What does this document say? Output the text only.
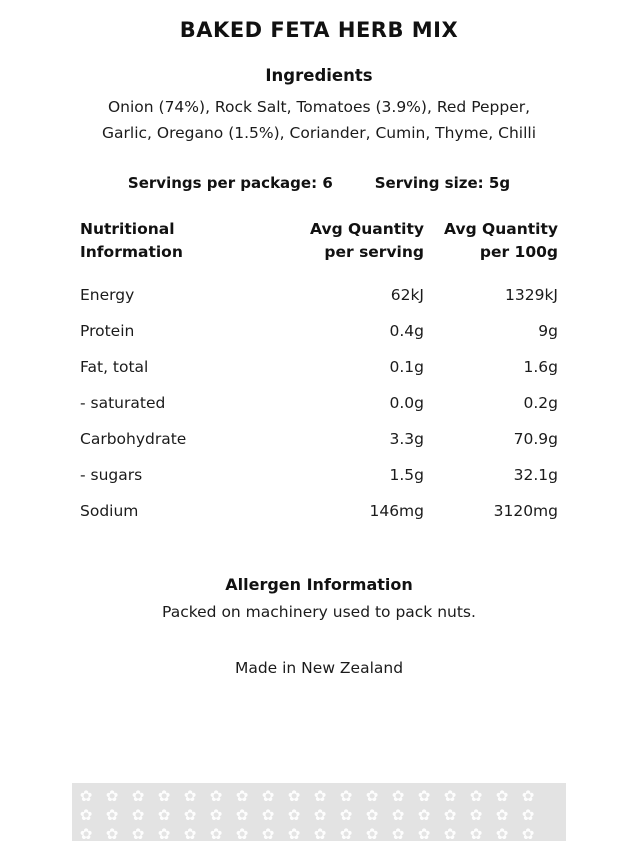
BAKED FETA HERB MIX
Ingredients
Onion (74%), Rock Salt, Tomatoes (3.9%), Red Pepper, Garlic, Oregano (1.5%), Coriander, Cumin, Thyme, Chilli
Servings per package: 6	Serving size: 5g
Nutritional
Information

Avg Quantity
per serving

Avg Quantity
per 100g

Energy	62kJ	1329kJ
Protein	0.4g	9g
Fat, total	0.1g	1.6g
- saturated	0.0g	0.2g
Carbohydrate	3.3g	70.9g
- sugars	1.5g	32.1g
Sodium	146mg	3120mg
Allergen Information
Packed on machinery used to pack nuts.
Made in New Zealand
✿ ✿ ✿ ✿ ✿ ✿ ✿ ✿ ✿ ✿ ✿ ✿ ✿ ✿ ✿ ✿ ✿ ✿
✿ ✿ ✿ ✿ ✿ ✿ ✿ ✿ ✿ ✿ ✿ ✿ ✿ ✿ ✿ ✿ ✿ ✿
✿ ✿ ✿ ✿ ✿ ✿ ✿ ✿ ✿ ✿ ✿ ✿ ✿ ✿ ✿ ✿ ✿ ✿
✿ ✿ ✿ ✿ ✿ ✿
